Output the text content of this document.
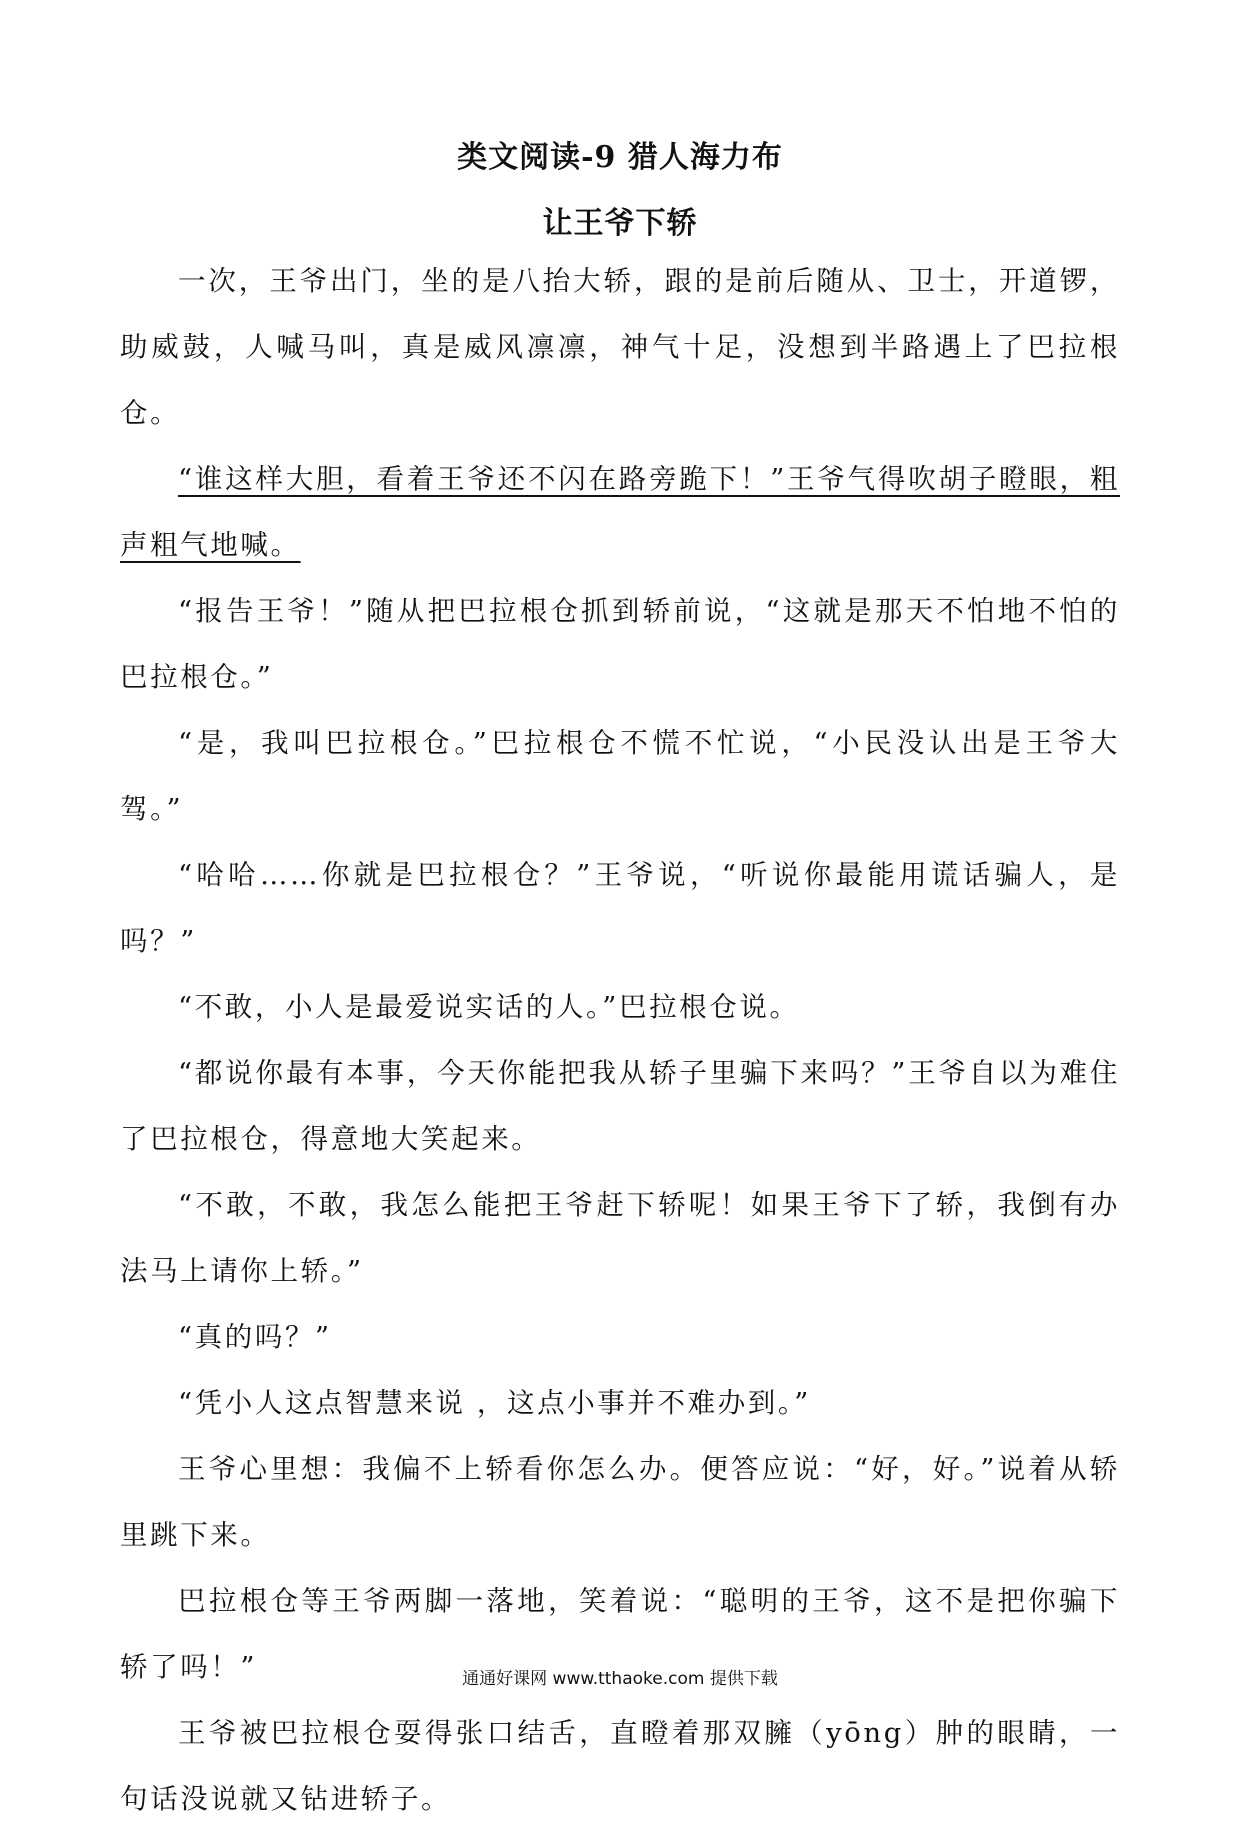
类文阅读-9 猎人海力布
让王爷下轿

一次，王爷出门，坐的是八抬大轿，跟的是前后随从、卫士，开道锣，助威鼓，人喊马叫，真是威风凛凛，神气十足，没想到半路遇上了巴拉根仓。

“谁这样大胆，看着王爷还不闪在路旁跪下！”王爷气得吹胡子瞪眼，粗声粗气地喊。

“报告王爷！”随从把巴拉根仓抓到轿前说，“这就是那天不怕地不怕的巴拉根仓。”

“是，我叫巴拉根仓。”巴拉根仓不慌不忙说，“小民没认出是王爷大驾。”

“哈哈……你就是巴拉根仓？”王爷说，“听说你最能用谎话骗人，是吗？”

“不敢，小人是最爱说实话的人。”巴拉根仓说。

“都说你最有本事，今天你能把我从轿子里骗下来吗？”王爷自以为难住了巴拉根仓，得意地大笑起来。

“不敢，不敢，我怎么能把王爷赶下轿呢！如果王爷下了轿，我倒有办法马上请你上轿。”

“真的吗？”

“凭小人这点智慧来说 ，这点小事并不难办到。”

王爷心里想：我偏不上轿看你怎么办。便答应说：“好，好。”说着从轿里跳下来。

巴拉根仓等王爷两脚一落地，笑着说：“聪明的王爷，这不是把你骗下轿了吗！”

王爷被巴拉根仓耍得张口结舌，直瞪着那双臃（yōng）肿的眼睛，一句话没说就又钻进轿子。

通通好课网 www.tthaoke.com 提供下载
